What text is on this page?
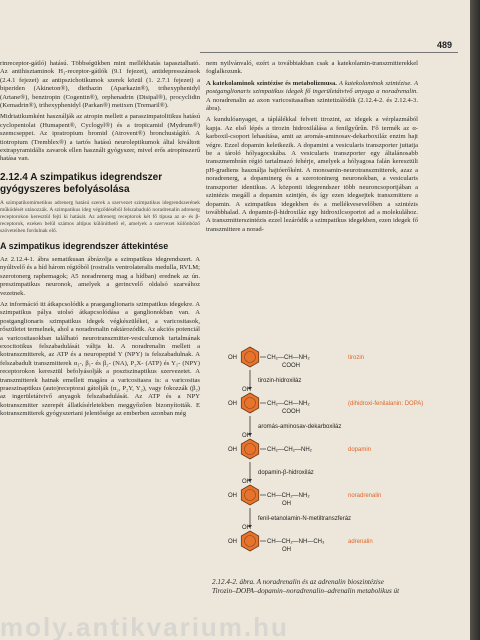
489

rinreceptor-gátló) hatású. Többségükben mint mellékhatás tapasztalható. Az antihisztaminok H₁-receptor-gátlók (9.1 fejezet), antidepresszánsok (2.4.1 fejezet) az antipszichotikumok szerek közül (1. 2.7.1 fejezet) a biperiden (Akineton®), diethazin (Aparkazin®), trihexyphenidyl (Artane®), benztropin (Cogentin®), orphenadrin (Disipal®), procyclidin (Kemadrin®), trihexyphenidyl (Parkan®) metixen (Tremaril®).

Midriatikumként használják az atropin mellett a paraszimpatolitikus hatású cyclopentolat (Humapent®, Cyclogyl®) és a tropicamid (Mydrum®) szemcseppet. Az ipratropium bromid (Atrovent®) bronchustágító. A tiotropium (Tremblex®) a tartós hatású neuroleptikumok által kiváltott extrapyramidális zavarok ellen használt gyógyszer, mivel erős atropinszerű hatása van.

2.12.4 A szimpatikus idegrendszer gyógyszeres befolyásolása

A szimpatikomimetikus adrenerg hatású szerek a szervezet szimpatikus idegrendszerének működését utánozzák. A szimpatikus ideg végződéséből felszabaduló noradrenalin adrenerg receptorokon keresztül fejti ki hatását. Az adrenerg receptorok két fő típusa az α- és β-receptorok, ezeken belül számos altípus különíthető el, amelyek a szervezet különböző szöveteiben fordulnak elő.

A szimpatikus idegrendszer áttekintése

Az 2.12.4-1. ábra sematikusan ábrázolja a szimpatikus idegrendszert. A nyúltvelő és a híd három régióból (rostralis ventrolateralis medulla, RVLM; szerotonerg raphemagok; A5 noradrenerg mag a hídban) erednek az ún. preszimpatikus neuronok, amelyek a gerincvelő oldalsó szarvához vezetnek.

Az információ itt átkapcsolódik a praeganglionaris szimpatikus idegekre. A szimpatikus pálya utolsó átkapcsolódása a ganglionokban van. A postganglionaris szimpatikus idegek végkészülékei, a varicositasok, rőszületet termelnek, ahol a noradrenalin raktározódik. Az akciós potenciál a varicositasokban található neurotranszmitter-vesiculumok tartalmának exocitotikus felszabadulását váltja ki. A noradrenalin mellett a kotranszmitterek, az ATP és a neuropeptid Y (NPY) is felszabadulnak. A felszabadult transzmitterek α₁-, β₁- és β₂- (NA), P₂X- (ATP) és Y₁- (NPY) receptorokon keresztül befolyásolják a posztszinaptikus szervezetet. A transzmitterek hatnak emellett magára a varicositasra is: a varicositas praeszinaptikus (auto)receptorai gátolják (α₂, P₂Y, Y₂), vagy fokozzák (β₂) az ingerületátvivő anyagok felszabadulását. Az ATP és a NPY kotranszmitter szerepét állatkísérletekben meggyőzően bizonyították. E kotranszmitterek gyógyszertani jelentősége az emberben azonban még

nem nyilvánvaló, ezért a továbbiakban csak a katekolamin-transzmitterekkel foglalkozunk.

A katekolaminok szintézise és metabolizmusa. A katekolaminok szintézise. A postganglionaris szimpatikus idegek fő ingerületátvivő anyaga a noradrenalin. A noradrenalin az axon varicositasaiban szintetizálódik (2.12.4-2. és 2.12.4-3. ábra).

A kundulóanyaget, a táplálékkal felvett tirozint, az idegek a vérplazmából kapja. Az első lépés a tirozin hidroxilálása a fenilgyűrűn. Fő termék az α-karboxil-csoport lehasítása, amit az aromás-aminosav-dekarboxiláz enzim hajt végre. Ezzel dopamin keletkezik. A dopamint a vesicularis transzporter juttatja be a tároló hólyagocskába. A vesicularis transzporter egy általánosabb transzmembrán régió tartalmazó fehérje, amelyek a hólyagosa falán keresztüli pH-gradiens használja hajtóerőként. A monoamin-neurotranszmitterek, azaz a noradrenerg, a dopaminerg és a szerotoninerg neuronokban, a vesicularis transzporter identikus. A központi idegrendszer több neuroncsoportjában a szintézis megáll a dopamin szintjén, és így ezen idegsejtek transzmittere a dopamin. A szimpatikus idegekben és a mellékvesevelőben a szintézis továbbhalad. A dopamin-β-hidroxiláz egy hidroxilcsoportot ad a molekulához. A transzmitterszintézis ezzel lezáródik a szimpatikus idegekben, ezen idegek fő transzmittere a norad-

OH	CH₂—CH—NH₂
COOH
tirozin
tirozin-hidroxiláz
OH
OH
CH₂—CH—NH₂
COOH
(dihidroxi-fenilalanin: DOPA)
aromás-aminosav-dekarboxiláz
OH
OH
CH₂—CH₂—NH₂	dopamin
dopamin-β-hidroxiláz
OH
OH
CH—CH₂—NH₂
OH
noradrenalin
fenil-etanolamin-N-metiltranszferáz
OH
OH
CH—CH₂—NH—CH₃
OH
adrenalin
2.12.4-2. ábra. A noradrenalin és az adrenalin bioszintézise
Tirozin–DOPA–dopamin–noradrenalin–adrenalin metabolikus út
moly.antikvarium.hu
